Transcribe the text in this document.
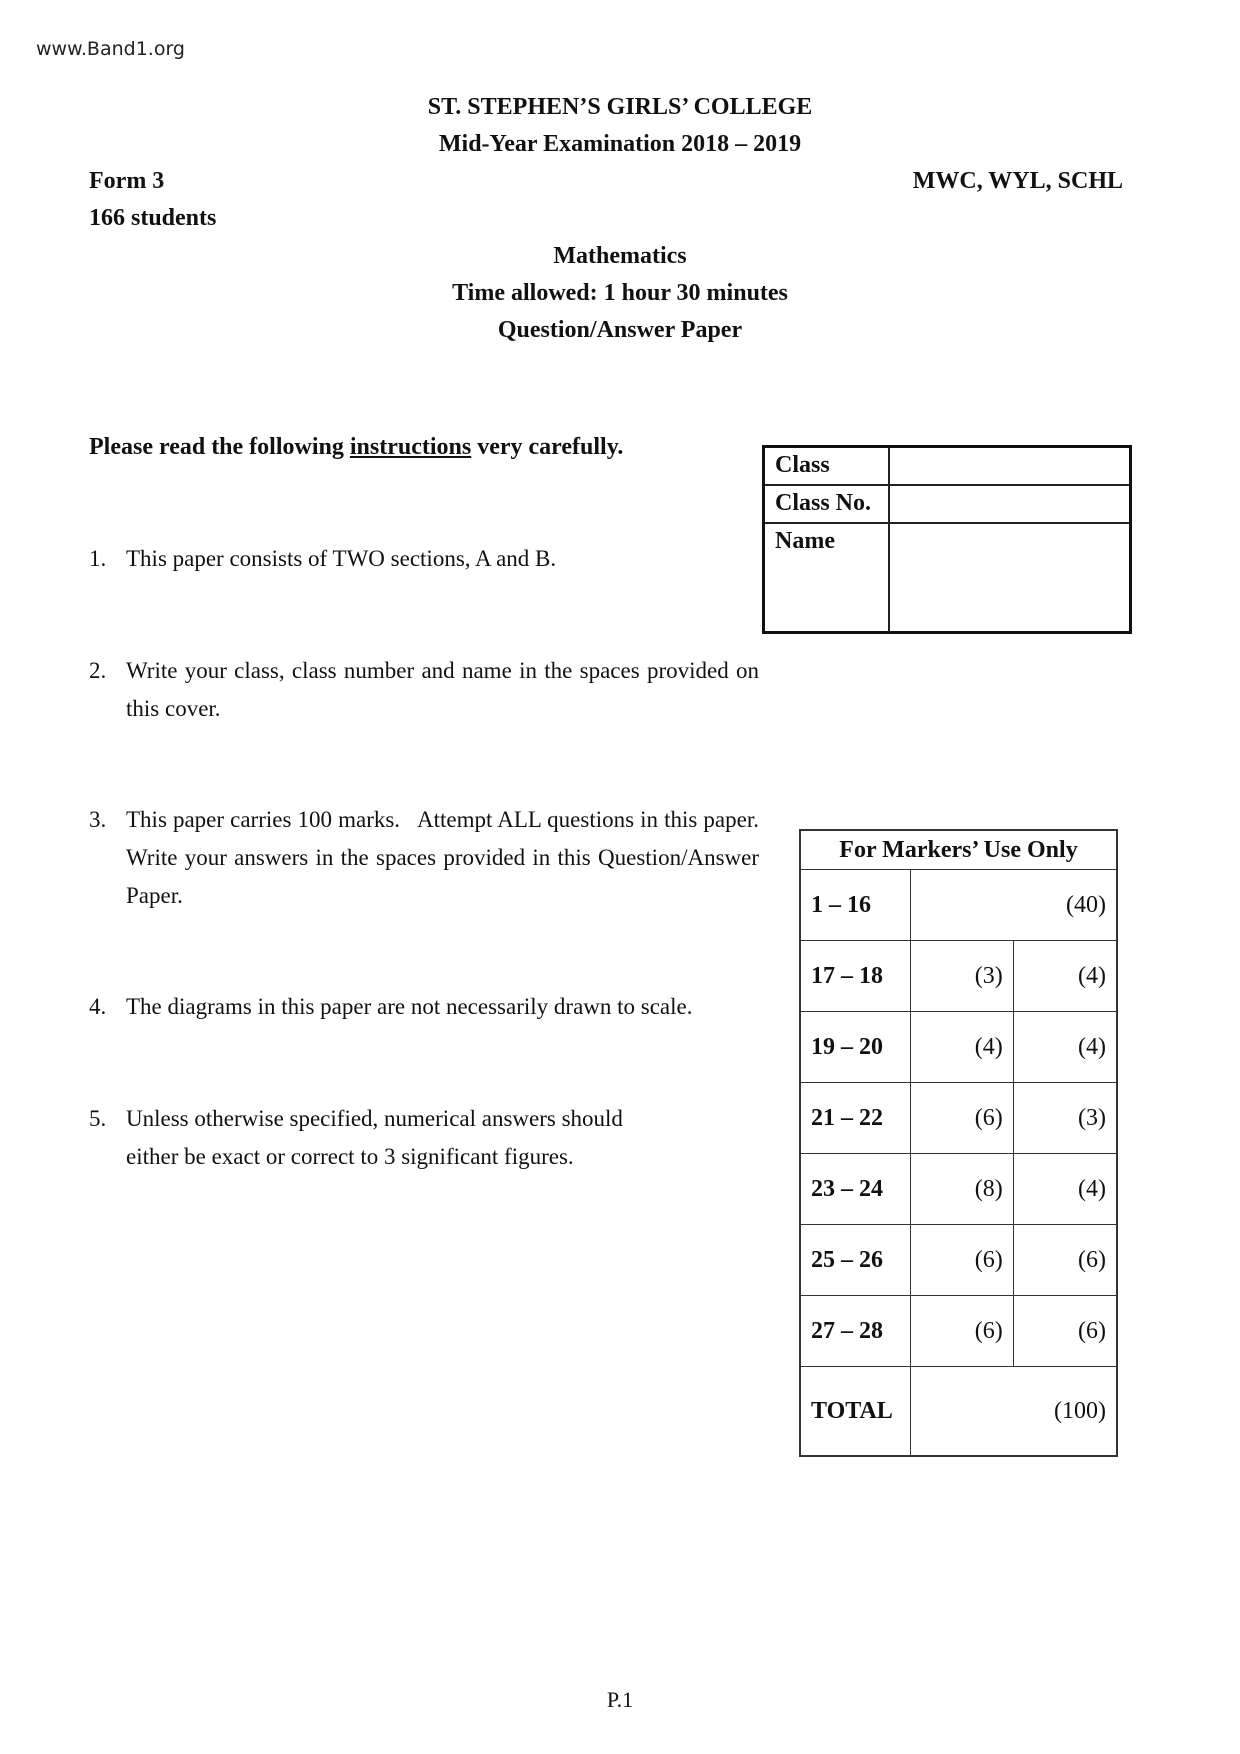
www.Band1.org
ST. STEPHEN’S GIRLS’ COLLEGE
Mid-Year Examination 2018 – 2019
Form 3	MWC, WYL, SCHL
166 students
Mathematics
Time allowed: 1 hour 30 minutes
Question/Answer Paper
Please read the following instructions very carefully.
1. This paper consists of TWO sections, A and B.
2. Write your class, class number and name in the spaces provided on this cover.
3. This paper carries 100 marks.   Attempt ALL questions in this paper.   Write your answers in the spaces provided in this Question/Answer Paper.
4. The diagrams in this paper are not necessarily drawn to scale.
5. Unless otherwise specified, numerical answers should
either be exact or correct to 3 significant figures.
Class	
Class No.	
Name	
For Markers’ Use Only		
1 – 16	(40)	
17 – 18	(3)	(4)
19 – 20	(4)	(4)
21 – 22	(6)	(3)
23 – 24	(8)	(4)
25 – 26	(6)	(6)
27 – 28	(6)	(6)
TOTAL	(100)	
P.1
